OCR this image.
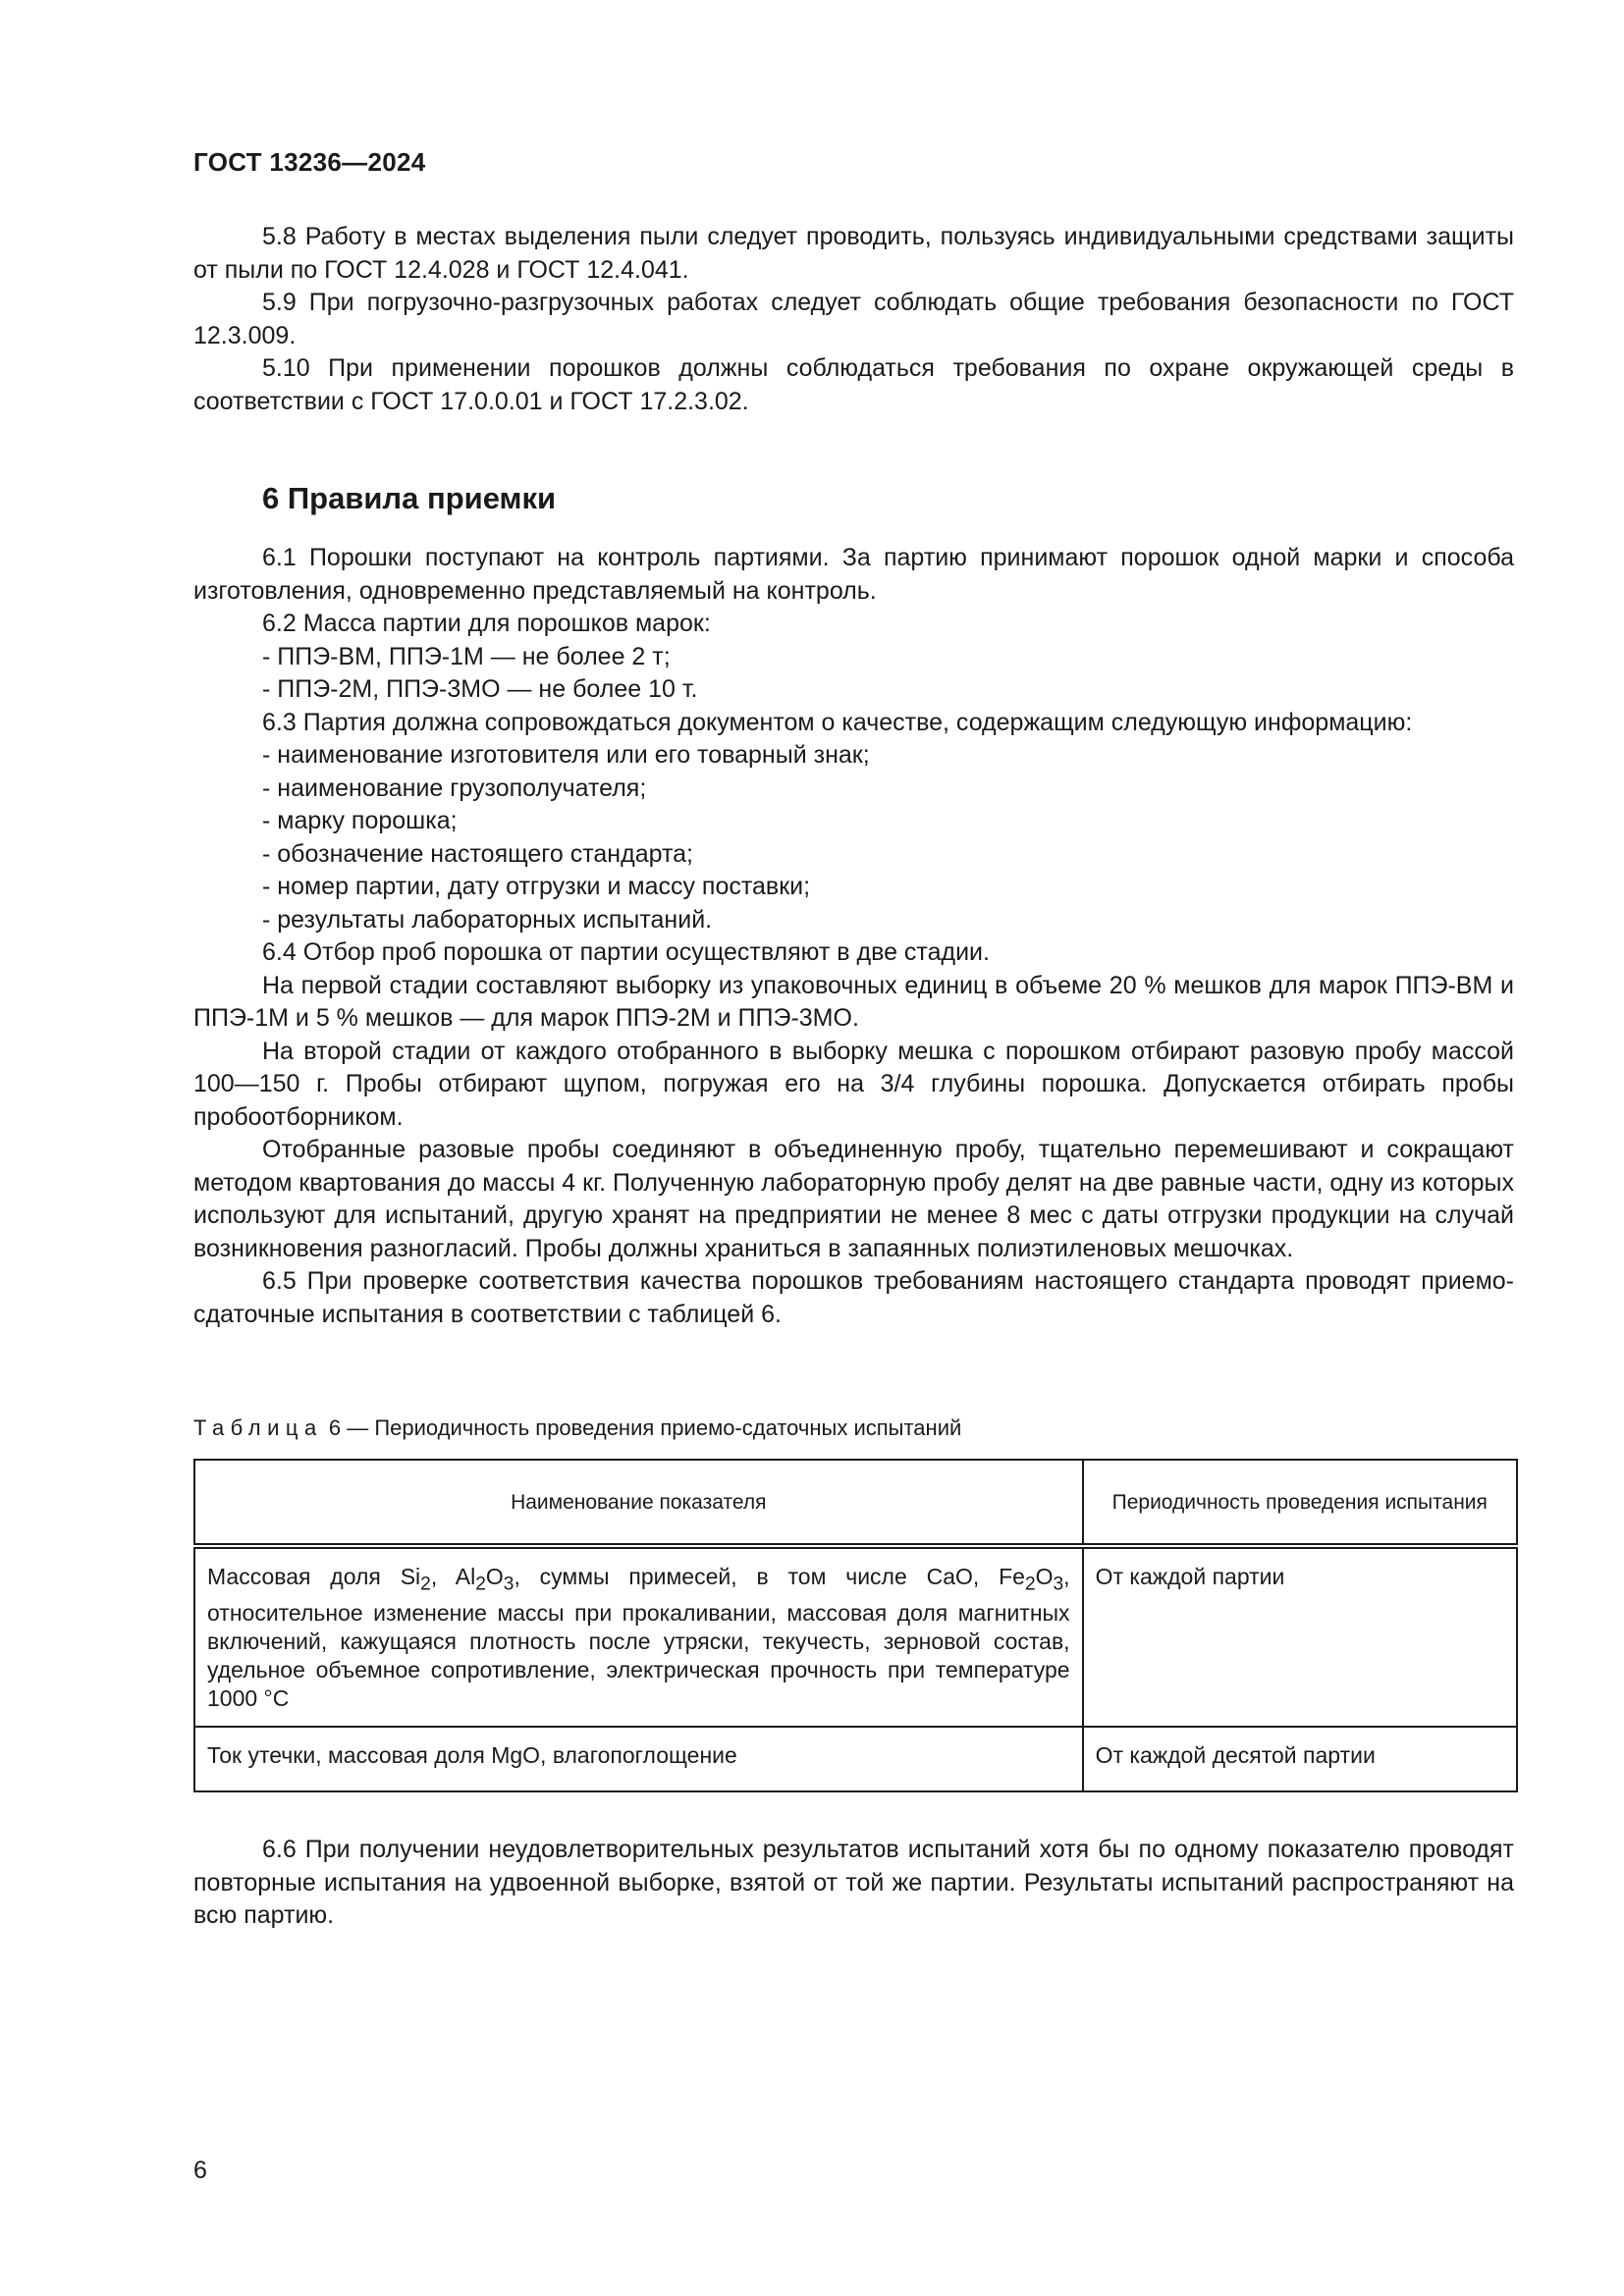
ГОСТ 13236—2024

5.8 Работу в местах выделения пыли следует проводить, пользуясь индивидуальными средствами защиты от пыли по ГОСТ 12.4.028 и ГОСТ 12.4.041.

5.9 При погрузочно-разгрузочных работах следует соблюдать общие требования безопасности по ГОСТ 12.3.009.

5.10 При применении порошков должны соблюдаться требования по охране окружающей среды в соответствии с ГОСТ 17.0.0.01 и ГОСТ 17.2.3.02.

6 Правила приемки

6.1 Порошки поступают на контроль партиями. За партию принимают порошок одной марки и способа изготовления, одновременно представляемый на контроль.

6.2 Масса партии для порошков марок:

- ППЭ-ВМ, ППЭ-1М — не более 2 т;

- ППЭ-2М, ППЭ-3МО — не более 10 т.

6.3 Партия должна сопровождаться документом о качестве, содержащим следующую информацию:

- наименование изготовителя или его товарный знак;

- наименование грузополучателя;

- марку порошка;

- обозначение настоящего стандарта;

- номер партии, дату отгрузки и массу поставки;

- результаты лабораторных испытаний.

6.4 Отбор проб порошка от партии осуществляют в две стадии.

На первой стадии составляют выборку из упаковочных единиц в объеме 20 % мешков для марок ППЭ-ВМ и ППЭ-1М и 5 % мешков — для марок ППЭ-2М и ППЭ-3МО.

На второй стадии от каждого отобранного в выборку мешка с порошком отбирают разовую пробу массой 100—150 г. Пробы отбирают щупом, погружая его на 3/4 глубины порошка. Допускается отбирать пробы пробоотборником.

Отобранные разовые пробы соединяют в объединенную пробу, тщательно перемешивают и сокращают методом квартования до массы 4 кг. Полученную лабораторную пробу делят на две равные части, одну из которых используют для испытаний, другую хранят на предприятии не менее 8 мес с даты отгрузки продукции на случай возникновения разногласий. Пробы должны храниться в запаянных полиэтиленовых мешочках.

6.5 При проверке соответствия качества порошков требованиям настоящего стандарта проводят приемо-сдаточные испытания в соответствии с таблицей 6.

Таблица 6 — Периодичность проведения приемо-сдаточных испытаний
Наименование показателя	Периодичность проведения испытания
Массовая доля $Si_2$, $Al_2O_3$, суммы примесей, в том числе CaO, $Fe_2O_3$, относительное изменение массы при прокаливании, массовая доля магнитных включений, кажущаяся плотность после утряски, текучесть, зерновой состав, удельное объемное сопротивление, электрическая прочность при температуре 1000 °С	От каждой партии
Ток утечки, массовая доля MgO, влагопоглощение	От каждой десятой партии

6.6 При получении неудовлетворительных результатов испытаний хотя бы по одному показателю проводят повторные испытания на удвоенной выборке, взятой от той же партии. Результаты испытаний распространяют на всю партию.

6
